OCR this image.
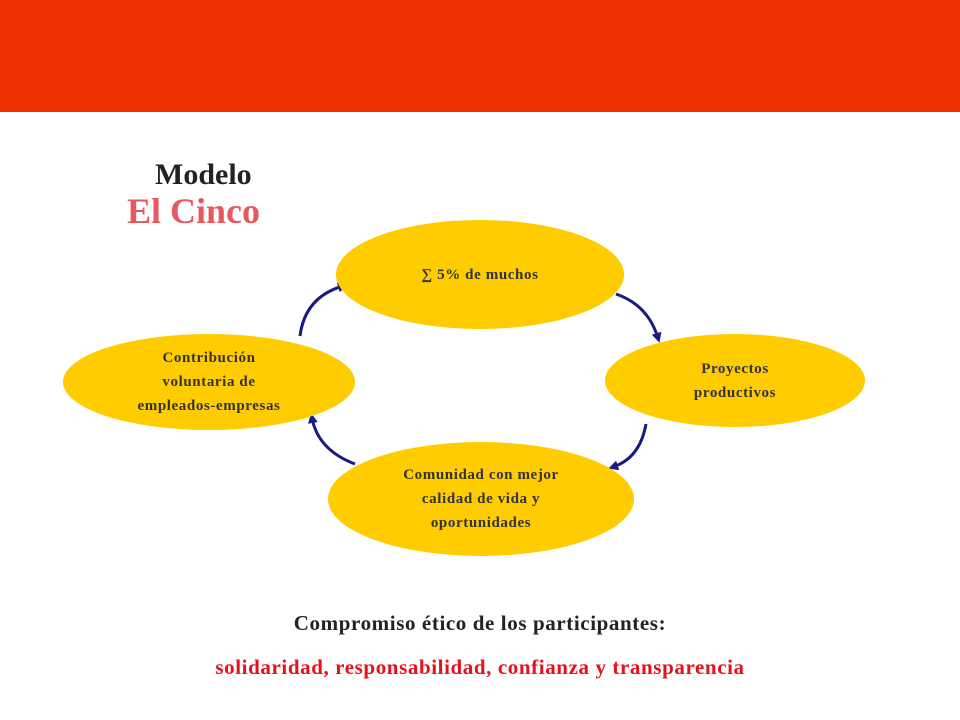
Modelo
El Cinco
∑ 5% de muchos
Proyectos productivos
Comunidad con mejor calidad de vida y oportunidades
Contribución voluntaria de empleados-empresas
Compromiso ético de los participantes:
solidaridad, responsabilidad, confianza y transparencia
